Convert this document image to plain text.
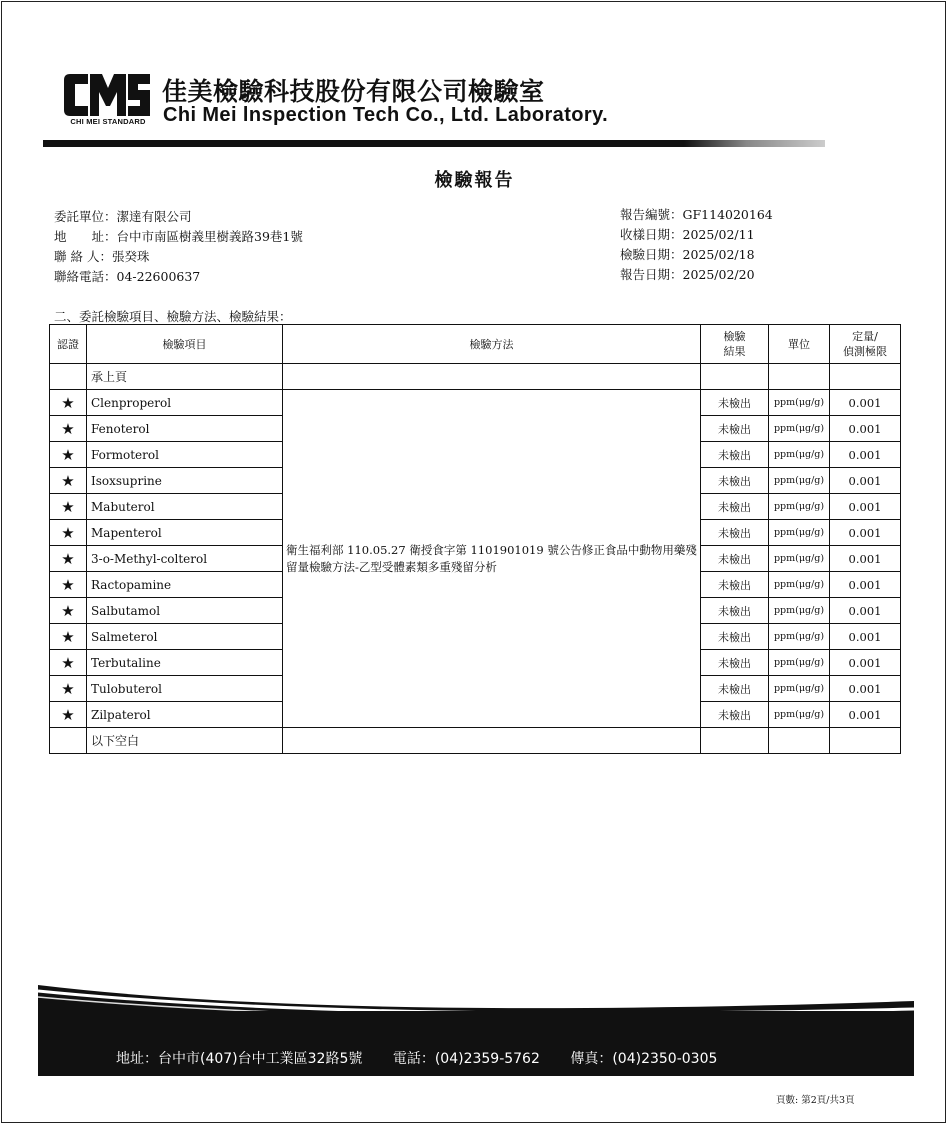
CHI MEI STANDARD
佳美檢驗科技股份有限公司檢驗室
Chi Mei lnspection Tech Co., Ltd. Laboratory.
檢驗報告
委託單位：潔達有限公司
地　　址：台中市南區樹義里樹義路39巷1號
聯 絡 人：張癸珠
聯絡電話：04-22600637
報告編號：GF114020164
收樣日期：2025/02/11
檢驗日期：2025/02/18
報告日期：2025/02/20
二、委託檢驗項目、檢驗方法、檢驗結果：
認證	檢驗項目	檢驗方法	檢驗
結果	單位	定量/
偵測極限
	承上頁				
★	Clenproperol	衛生福利部 110.05.27 衛授食字第 1101901019 號公告修正食品中動物用藥殘留量檢驗方法-乙型受體素類多重殘留分析	未檢出	ppm(μg/g)	0.001
★	Fenoterol		未檢出	ppm(μg/g)	0.001
★	Formoterol		未檢出	ppm(μg/g)	0.001
★	Isoxsuprine		未檢出	ppm(μg/g)	0.001
★	Mabuterol		未檢出	ppm(μg/g)	0.001
★	Mapenterol		未檢出	ppm(μg/g)	0.001
★	3-o-Methyl-colterol		未檢出	ppm(μg/g)	0.001
★	Ractopamine		未檢出	ppm(μg/g)	0.001
★	Salbutamol		未檢出	ppm(μg/g)	0.001
★	Salmeterol		未檢出	ppm(μg/g)	0.001
★	Terbutaline		未檢出	ppm(μg/g)	0.001
★	Tulobuterol		未檢出	ppm(μg/g)	0.001
★	Zilpaterol		未檢出	ppm(μg/g)	0.001
	以下空白				
地址：台中市(407)台中工業區32路5號 電話：(04)2359-5762 傳真：(04)2350-0305
頁數: 第2頁/共3頁
